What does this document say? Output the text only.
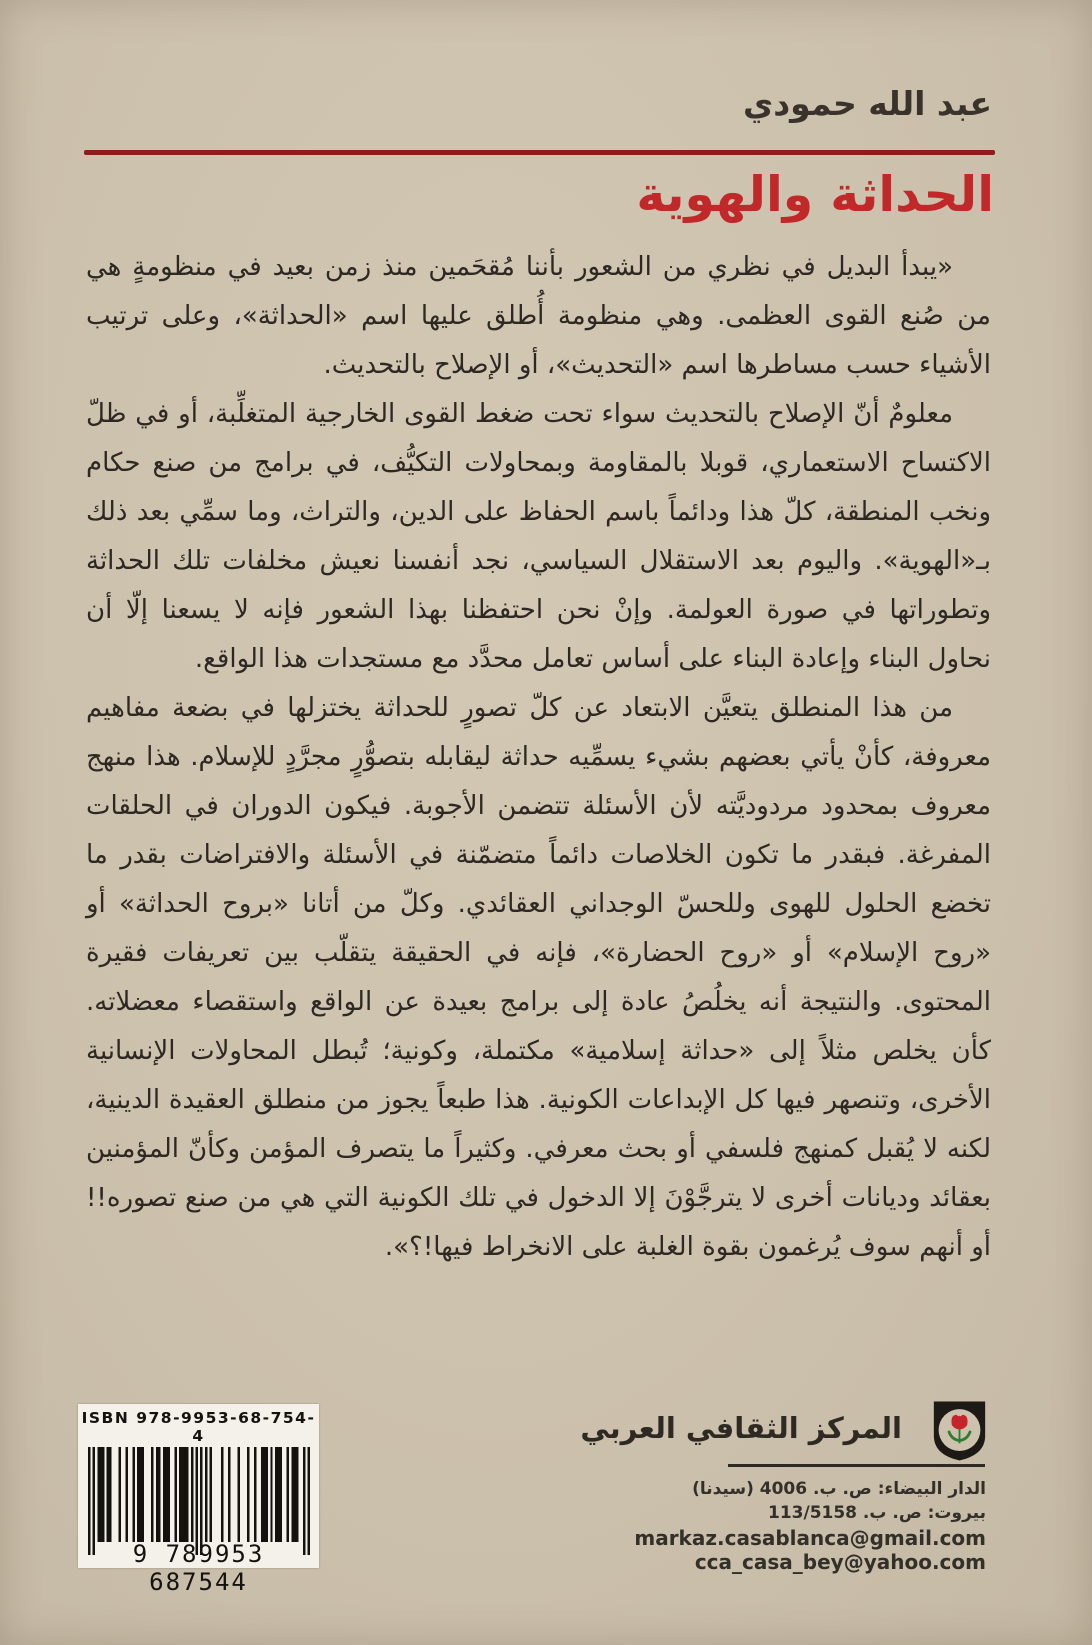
عبد الله حمودي
الحداثة والهوية

«يبدأ البديل في نظري من الشعور بأننا مُقحَمين منذ زمن بعيد في منظومةٍ هي من صُنع القوى العظمى. وهي منظومة أُطلق عليها اسم «الحداثة»، وعلى ترتيب الأشياء حسب مساطرها اسم «التحديث»، أو الإصلاح بالتحديث.

معلومٌ أنّ الإصلاح بالتحديث سواء تحت ضغط القوى الخارجية المتغلِّبة، أو في ظلّ الاكتساح الاستعماري، قوبلا بالمقاومة وبمحاولات التكيُّف، في برامج من صنع حكام ونخب المنطقة، كلّ هذا ودائماً باسم الحفاظ على الدين، والتراث، وما سمِّي بعد ذلك بـ«الهوية». واليوم بعد الاستقلال السياسي، نجد أنفسنا نعيش مخلفات تلك الحداثة وتطوراتها في صورة العولمة. وإنْ نحن احتفظنا بهذا الشعور فإنه لا يسعنا إلّا أن نحاول البناء وإعادة البناء على أساس تعامل محدَّد مع مستجدات هذا الواقع.

من هذا المنطلق يتعيَّن الابتعاد عن كلّ تصورٍ للحداثة يختزلها في بضعة مفاهيم معروفة، كأنْ يأتي بعضهم بشيء يسمِّيه حداثة ليقابله بتصوُّرٍ مجرَّدٍ للإسلام. هذا منهج معروف بمحدود مردوديَّته لأن الأسئلة تتضمن الأجوبة. فيكون الدوران في الحلقات المفرغة. فبقدر ما تكون الخلاصات دائماً متضمّنة في الأسئلة والافتراضات بقدر ما تخضع الحلول للهوى وللحسّ الوجداني العقائدي. وكلّ من أتانا «بروح الحداثة» أو «روح الإسلام» أو «روح الحضارة»، فإنه في الحقيقة يتقلّب بين تعريفات فقيرة المحتوى. والنتيجة أنه يخلُصُ عادة إلى برامج بعيدة عن الواقع واستقصاء معضلاته. كأن يخلص مثلاً إلى «حداثة إسلامية» مكتملة، وكونية؛ تُبطل المحاولات الإنسانية الأخرى، وتنصهر فيها كل الإبداعات الكونية. هذا طبعاً يجوز من منطلق العقيدة الدينية، لكنه لا يُقبل كمنهج فلسفي أو بحث معرفي. وكثيراً ما يتصرف المؤمن وكأنّ المؤمنين بعقائد وديانات أخرى لا يترجَّوْنَ إلا الدخول في تلك الكونية التي هي من صنع تصوره!! أو أنهم سوف يُرغمون بقوة الغلبة على الانخراط فيها!؟».

ISBN 978-9953-68-754-4
9 789953 687544
المركز الثقافي العربي
الدار البيضاء: ص. ب. 4006 (سيدنا)
بيروت: ص. ب. 113/5158
markaz.casablanca@gmail.com
cca_casa_bey@yahoo.com
